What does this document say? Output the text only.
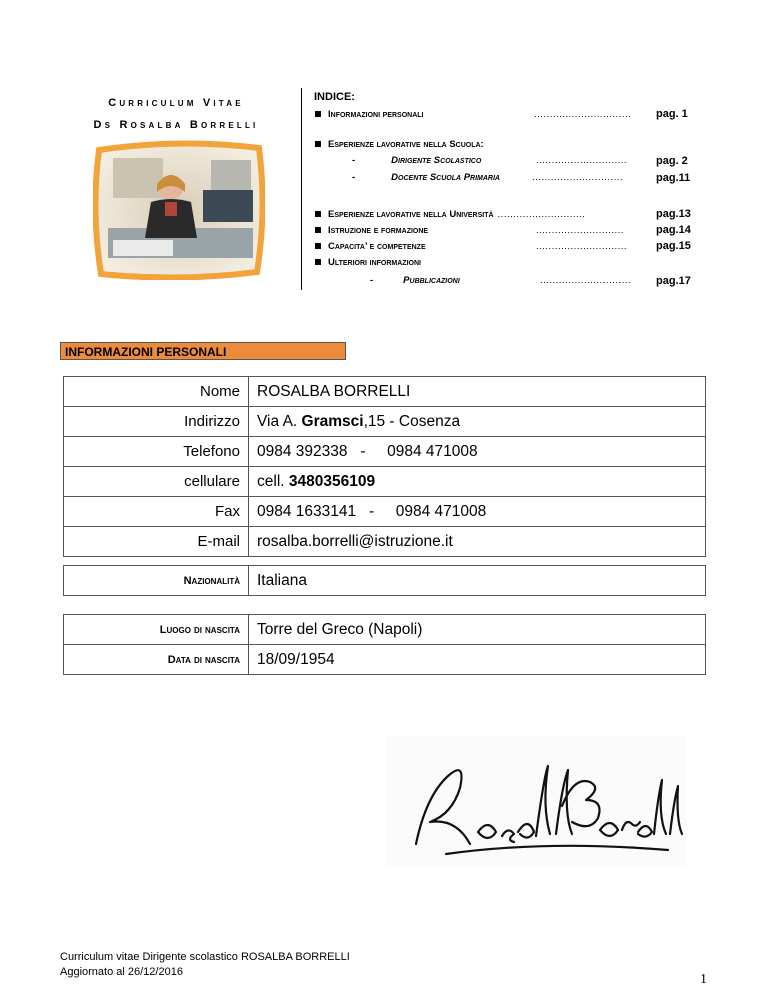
Curriculum Vitae
Ds Rosalba Borrelli
INDICE:
Informazioni personali	............................... pag. 1
Esperienze lavorative nella Scuola:
-	Dirigente Scolastico	.............................	pag. 2
-	Docente Scuola Primaria	.............................	pag.11
Esperienze lavorative nella Università ............................	pag.13
Istruzione e formazione	............................	pag.14
Capacita’ e competenze	.............................	pag.15
Ulteriori informazioni
-	Pubblicazioni	............................. pag.17
INFORMAZIONI PERSONALI
Nome	ROSALBA BORRELLI
Indirizzo	Via A. Gramsci,15 - Cosenza
Telefono	0984 392338   -     0984 471008
cellulare	cell. 3480356109
Fax	0984 1633141   -     0984 471008
E-mail	rosalba.borrelli@istruzione.it
Nazionalità	Italiana
Luogo di nascita	Torre del Greco (Napoli)
Data di nascita	18/09/1954
Curriculum vitae Dirigente scolastico ROSALBA BORRELLI
Aggiornato al 26/12/2016	1
